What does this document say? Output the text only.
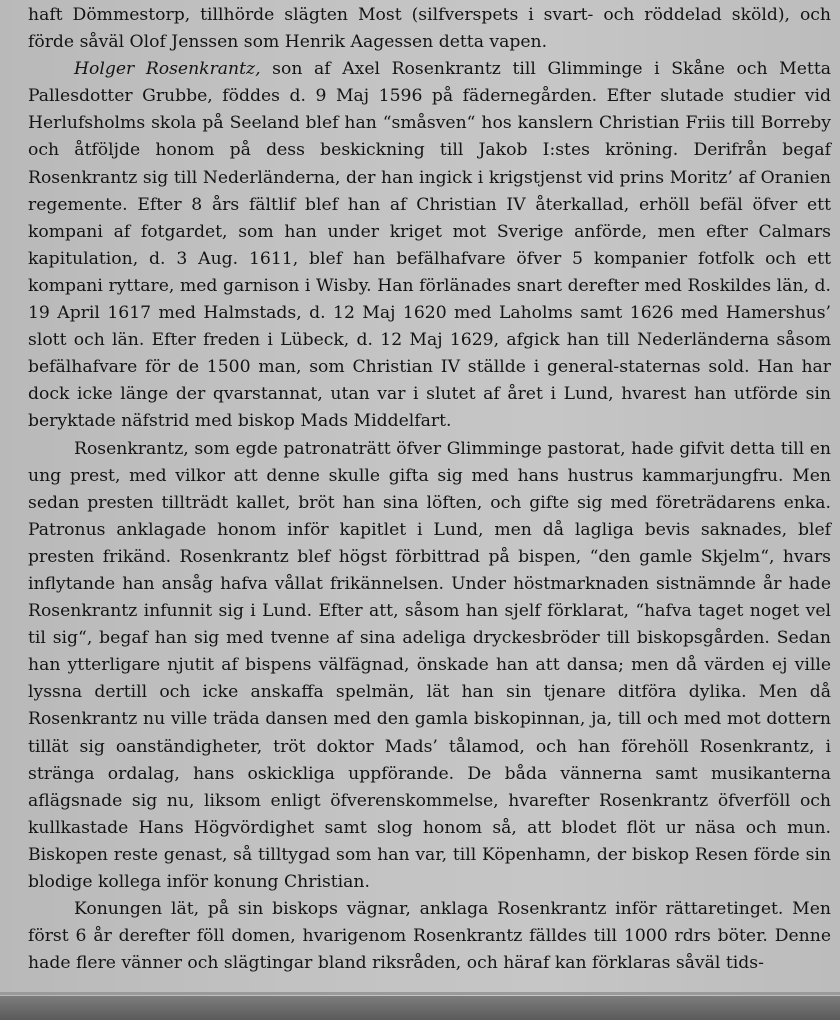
haft Dömmestorp, tillhörde slägten Most (silfverspets i svart- och röddelad sköld), och förde såväl Olof Jenssen som Henrik Aagessen detta vapen.

Holger Rosenkrantz, son af Axel Rosenkrantz till Glimminge i Skåne och Metta Pallesdotter Grubbe, föddes d. 9 Maj 1596 på fädernegården. Efter slutade studier vid Herlufsholms skola på Seeland blef han “småsven“ hos kanslern Christian Friis till Borreby och åtföljde honom på dess beskickning till Jakob I:stes kröning. Derifrån begaf Rosenkrantz sig till Nederländerna, der han ingick i krigstjenst vid prins Moritz’ af Oranien regemente. Efter 8 års fältlif blef han af Christian IV återkallad, erhöll befäl öfver ett kompani af fotgardet, som han under kriget mot Sverige anförde, men efter Calmars kapitulation, d. 3 Aug. 1611, blef han befälhafvare öfver 5 kompanier fotfolk och ett kompani ryttare, med garnison i Wisby. Han förlänades snart derefter med Roskildes län, d. 19 April 1617 med Halmstads, d. 12 Maj 1620 med Laholms samt 1626 med Hamershus’ slott och län. Efter freden i Lübeck, d. 12 Maj 1629, afgick han till Nederländerna såsom befälhafvare för de 1500 man, som Christian IV ställde i general-staternas sold. Han har dock icke länge der qvarstannat, utan var i slutet af året i Lund, hvarest han utförde sin beryktade näfstrid med biskop Mads Middelfart.

Rosenkrantz, som egde patronaträtt öfver Glimminge pastorat, hade gifvit detta till en ung prest, med vilkor att denne skulle gifta sig med hans hustrus kammarjungfru. Men sedan presten tillträdt kallet, bröt han sina löften, och gifte sig med företrädarens enka. Patronus anklagade honom inför kapitlet i Lund, men då lagliga bevis saknades, blef presten frikänd. Rosenkrantz blef högst förbittrad på bispen, “den gamle Skjelm“, hvars inflytande han ansåg hafva vållat frikännelsen. Under höstmarknaden sistnämnde år hade Rosenkrantz infunnit sig i Lund. Efter att, såsom han sjelf förklarat, “hafva taget noget vel til sig“, begaf han sig med tvenne af sina adeliga dryckesbröder till biskopsgården. Sedan han ytterligare njutit af bispens välfägnad, önskade han att dansa; men då värden ej ville lyssna dertill och icke anskaffa spelmän, lät han sin tjenare ditföra dylika. Men då Rosenkrantz nu ville träda dansen med den gamla biskopinnan, ja, till och med mot dottern tillät sig oanständigheter, tröt doktor Mads’ tålamod, och han förehöll Rosenkrantz, i stränga ordalag, hans oskickliga uppförande. De båda vännerna samt musikanterna aflägsnade sig nu, liksom enligt öfverenskommelse, hvarefter Rosenkrantz öfverföll och kullkastade Hans Högvördighet samt slog honom så, att blodet flöt ur näsa och mun. Biskopen reste genast, så tilltygad som han var, till Köpenhamn, der biskop Resen förde sin blodige kollega inför konung Christian.

Konungen lät, på sin biskops vägnar, anklaga Rosenkrantz inför rättaretinget. Men först 6 år derefter föll domen, hvarigenom Rosenkrantz fälldes till 1000 rdrs böter. Denne hade flere vänner och slägtingar bland riksråden, och häraf kan förklaras såväl tids-
